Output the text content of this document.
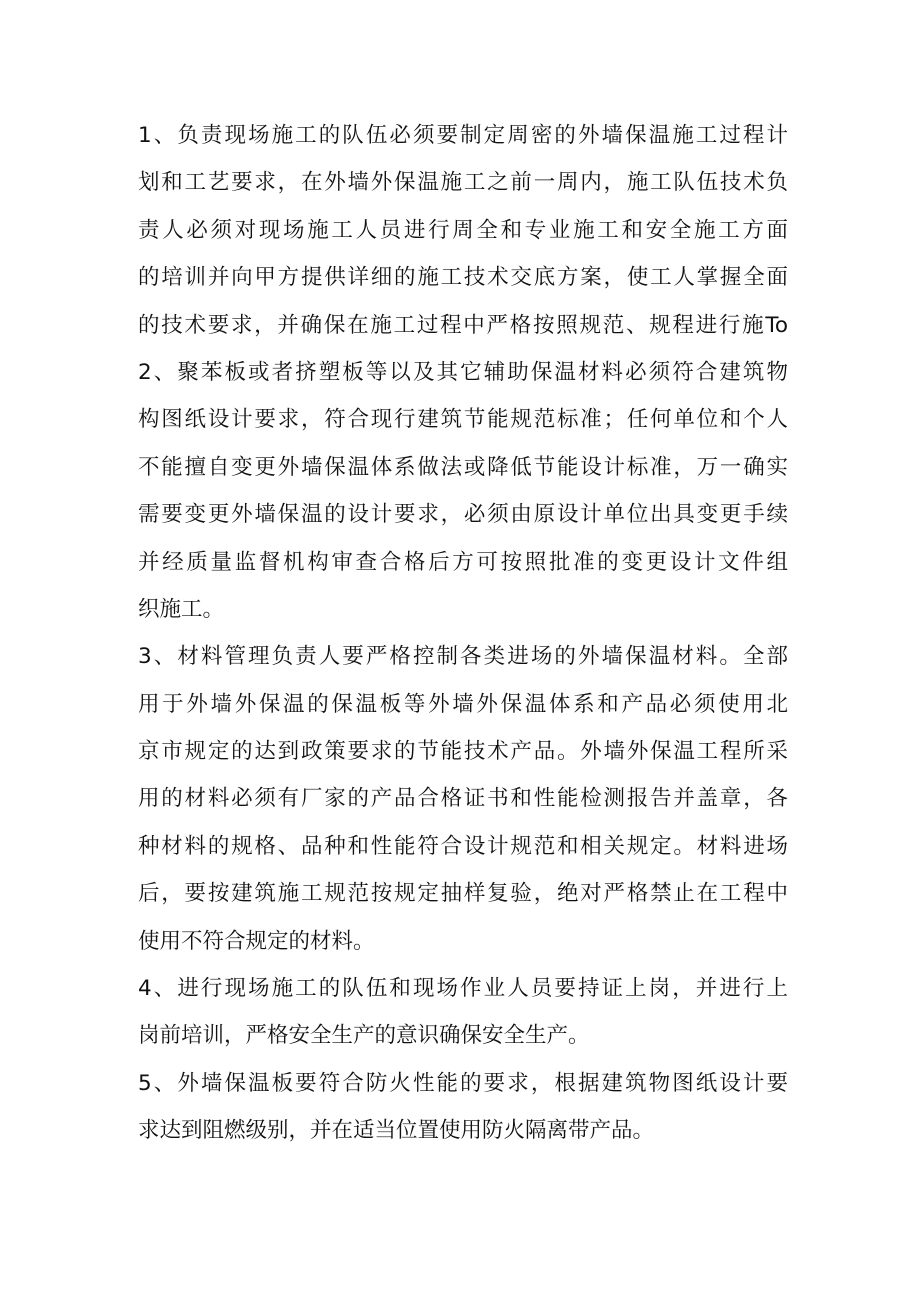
1、负责现场施工的队伍必须要制定周密的外墙保温施工过程计
划和工艺要求，在外墙外保温施工之前一周内，施工队伍技术负
责人必须对现场施工人员进行周全和专业施工和安全施工方面
的培训并向甲方提供详细的施工技术交底方案，使工人掌握全面
的技术要求，并确保在施工过程中严格按照规范、规程进行施To
2、聚苯板或者挤塑板等以及其它辅助保温材料必须符合建筑物
构图纸设计要求，符合现行建筑节能规范标准；任何单位和个人
不能擅自变更外墙保温体系做法或降低节能设计标准，万一确实
需要变更外墙保温的设计要求，必须由原设计单位出具变更手续
并经质量监督机构审查合格后方可按照批准的变更设计文件组
织施工。
3、材料管理负责人要严格控制各类进场的外墙保温材料。全部
用于外墙外保温的保温板等外墙外保温体系和产品必须使用北
京市规定的达到政策要求的节能技术产品。外墙外保温工程所采
用的材料必须有厂家的产品合格证书和性能检测报告并盖章，各
种材料的规格、品种和性能符合设计规范和相关规定。材料进场
后，要按建筑施工规范按规定抽样复验，绝对严格禁止在工程中
使用不符合规定的材料。
4、进行现场施工的队伍和现场作业人员要持证上岗，并进行上
岗前培训，严格安全生产的意识确保安全生产。
5、外墙保温板要符合防火性能的要求，根据建筑物图纸设计要
求达到阻燃级别，并在适当位置使用防火隔离带产品。
